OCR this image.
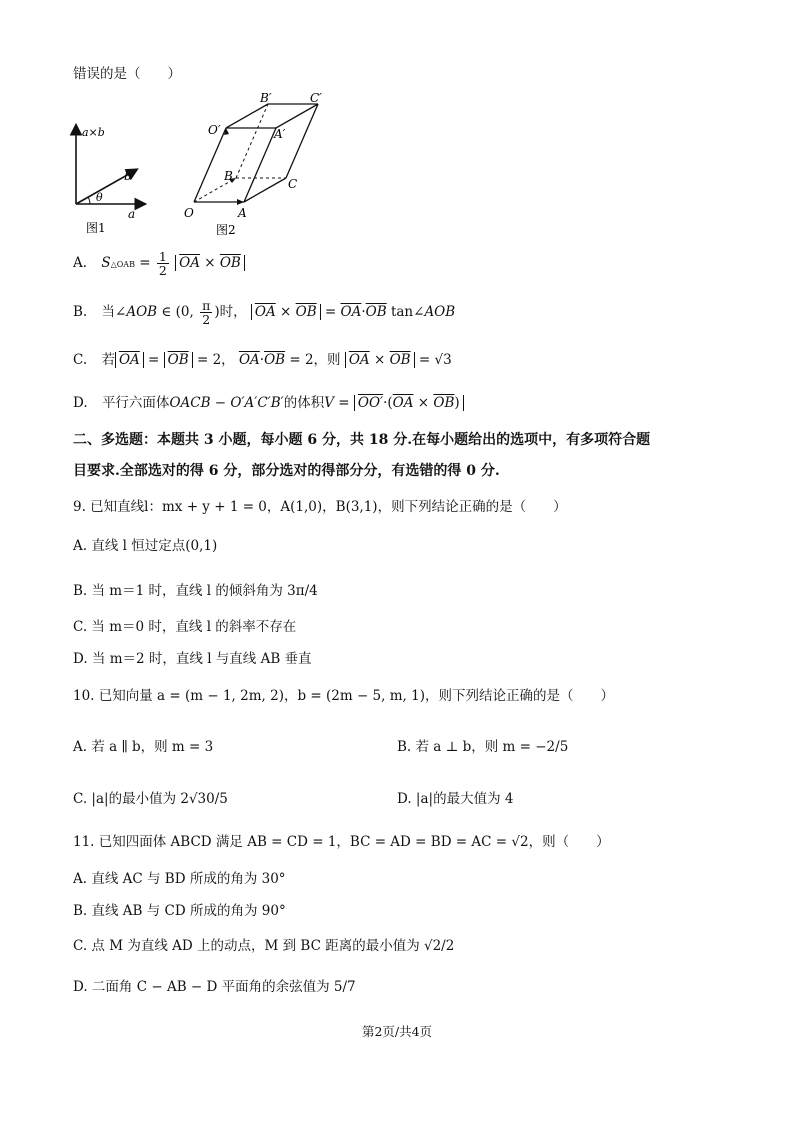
错误的是（　　）
a×b
b
θ
a
图1
O	A
B
C
O′	A′
B′	C′
图2
A. S△OAB = $\frac{1}{2} \overline{OA} \times \overline{OB}$
B. 当∠AOB ∈ (0, $\frac{\pi}{2}$ )时， $\overline{OA} \times \overline{OB} = \overline{OA}\cdot\overline{OB}$ tan∠AOB
C. 若 $\overline{OA} = \overline{OB} = 2$， $\overline{OA}\cdot\overline{OB} = 2$，则 $\overline{OA} \times \overline{OB} = √3$
D. 平行六面体OACB − O′A′C′B′的体积$V = OO'\cdot(\overline{OA} \times \overline{OB})$
二、多选题：本题共 3 小题，每小题 6 分，共 18 分.在每小题给出的选项中，有多项符合题
目要求.全部选对的得 6 分，部分选对的得部分分，有选错的得 0 分.
9. 已知直线l：mx + y + 1 = 0，A(1,0)，B(3,1)，则下列结论正确的是（　　）
A. 直线 l 恒过定点(0,1)
B. 当 m＝1 时，直线 l 的倾斜角为 3π/4
C. 当 m＝0 时，直线 l 的斜率不存在
D. 当 m＝2 时，直线 l 与直线 AB 垂直
10. 已知向量 a = (m − 1, 2m, 2)，b = (2m − 5, m, 1)，则下列结论正确的是（　　）
A. 若 a ∥ b，则 m = 3	B. 若 a ⊥ b，则 m = −2/5
C. |a|的最小值为 2√30/5	D. |a|的最大值为 4
11. 已知四面体 ABCD 满足 AB = CD = 1，BC = AD = BD = AC = √2，则（　　）
A. 直线 AC 与 BD 所成的角为 30°
B. 直线 AB 与 CD 所成的角为 90°
C. 点 M 为直线 AD 上的动点，M 到 BC 距离的最小值为 √2/2
D. 二面角 C − AB − D 平面角的余弦值为 5/7
第2页/共4页
